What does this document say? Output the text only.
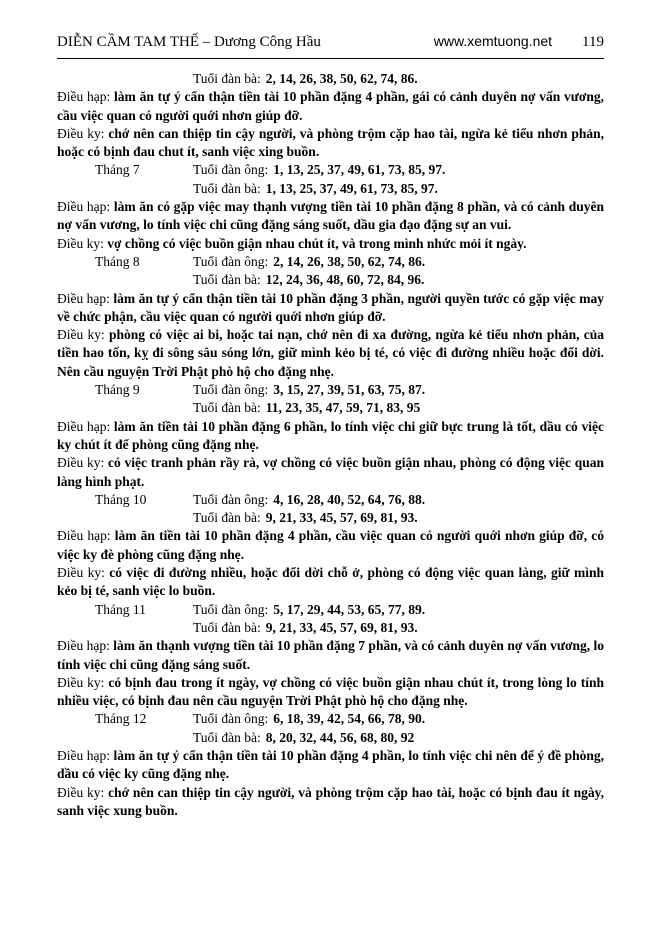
DIỄN CẦM TAM THẾ – Dương Công Hầu	www.xemtuong.net 119
Tuổi đàn bà: 2, 14, 26, 38, 50, 62, 74, 86.

Điều hạp: làm ăn tự ý cẩn thận tiền tài 10 phần đặng 4 phần, gái có cảnh duyên nợ vấn vương, cầu việc quan có người quới nhơn giúp đỡ.

Điều ky: chớ nên can thiệp tin cậy người, và phòng trộm cặp hao tài, ngừa kẻ tiểu nhơn phản, hoặc có bịnh đau chut ít, sanh việc xing buồn.

Tháng 7	Tuổi đàn ông: 1, 13, 25, 37, 49, 61, 73, 85, 97.
Tuổi đàn bà: 1, 13, 25, 37, 49, 61, 73, 85, 97.

Điều hạp: làm ăn có gặp việc may thạnh vượng tiền tài 10 phần đặng 8 phần, và có cảnh duyên nợ vấn vương, lo tính việc chi cũng đặng sáng suốt, dầu gia đạo đặng sự an vui.

Điều ky: vợ chồng có việc buồn giận nhau chút ít, và trong mình nhức mỏi ít ngày.

Tháng 8	Tuổi đàn ông: 2, 14, 26, 38, 50, 62, 74, 86.
Tuổi đàn bà: 12, 24, 36, 48, 60, 72, 84, 96.

Điều hạp: làm ăn tự ý cẩn thận tiền tài 10 phần đặng 3 phần, người quyền tước có gặp việc may về chức phận, cầu việc quan có người quới nhơn giúp đỡ.

Điều ky: phòng có việc ai bi, hoặc tai nạn, chớ nên đi xa đường, ngừa kẻ tiểu nhơn phản, của tiền hao tốn, kỵ đi sông sâu sóng lớn, giữ mình kẻo bị té, có việc đi đường nhiều hoặc đổi dời. Nên cầu nguyện Trời Phật phò hộ cho đặng nhẹ.

Tháng 9	Tuổi đàn ông: 3, 15, 27, 39, 51, 63, 75, 87.
Tuổi đàn bà: 11, 23, 35, 47, 59, 71, 83, 95

Điều hạp: làm ăn tiền tài 10 phần đặng 6 phần, lo tính việc chi giữ bực trung là tốt, dầu có việc ky chút ít để phòng cũng đặng nhẹ.

Điều ky: có việc tranh phản rầy rà, vợ chồng có việc buồn giận nhau, phòng có động việc quan làng hình phạt.

Tháng 10	Tuổi đàn ông: 4, 16, 28, 40, 52, 64, 76, 88.
Tuổi đàn bà: 9, 21, 33, 45, 57, 69, 81, 93.

Điều hạp: làm ăn tiền tài 10 phần đặng 4 phần, cầu việc quan có người quới nhơn giúp đỡ, có việc ky đè phòng cũng đặng nhẹ.

Điều ky: có việc đi đường nhiều, hoặc đổi dời chỗ ở, phòng có động việc quan làng, giữ mình kẻo bị té, sanh việc lo buồn.

Tháng 11	Tuổi đàn ông: 5, 17, 29, 44, 53, 65, 77, 89.
Tuổi đàn bà: 9, 21, 33, 45, 57, 69, 81, 93.

Điều hạp: làm ăn thạnh vượng tiền tài 10 phần đặng 7 phần, và có cảnh duyên nợ vấn vương, lo tính việc chi cũng đặng sáng suốt.

Điều ky: có bịnh đau trong ít ngày, vợ chồng có việc buồn giận nhau chút ít, trong lòng lo tính nhiều việc, có bịnh đau nên cầu nguyện Trời Phật phò hộ cho đặng nhẹ.

Tháng 12	Tuổi đàn ông: 6, 18, 39, 42, 54, 66, 78, 90.
Tuổi đàn bà: 8, 20, 32, 44, 56, 68, 80, 92

Điều hạp: làm ăn tự ý cẩn thận tiền tài 10 phần đặng 4 phần, lo tính việc chi nên để ý đề phòng, dầu có việc ky cũng đặng nhẹ.

Điều ky: chớ nên can thiệp tin cậy người, và phòng trộm cặp hao tài, hoặc có bịnh đau ít ngày, sanh việc xung buồn.
